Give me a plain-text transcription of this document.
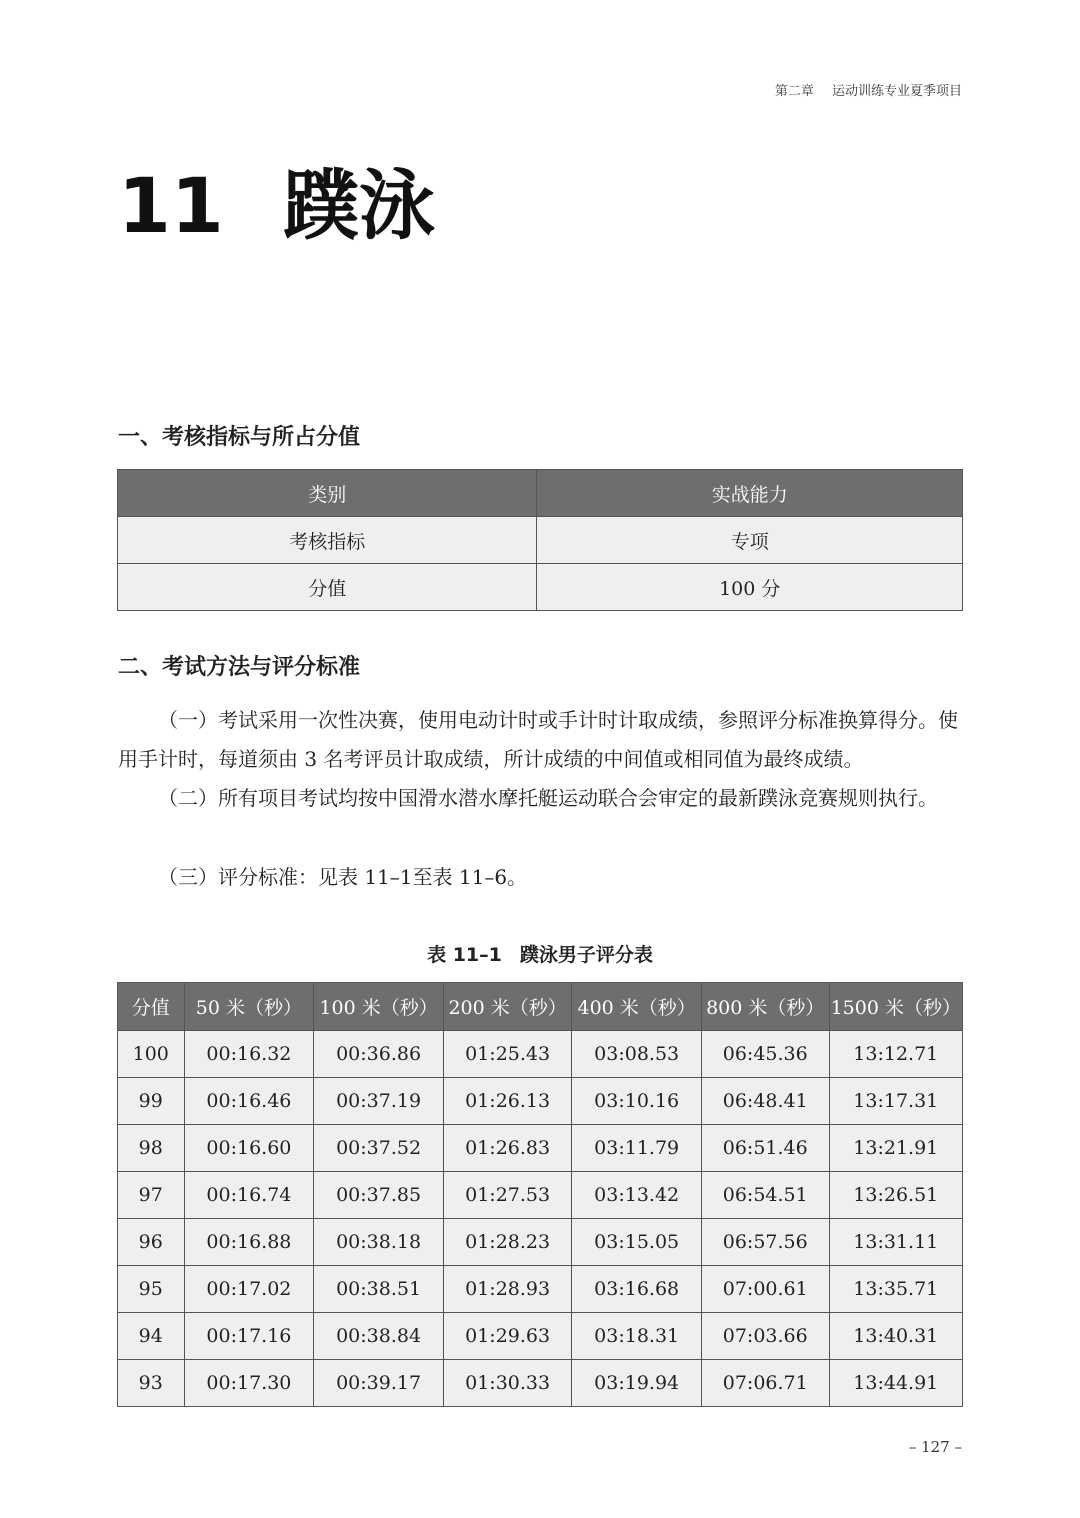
第二章 运动训练专业夏季项目
11 蹼泳
一、考核指标与所占分值
类别	实战能力
考核指标	专项
分值	100 分
二、考试方法与评分标准
（一）考试采用一次性决赛，使用电动计时或手计时计取成绩，参照评分标准换算得分。使用手计时，每道须由 3 名考评员计取成绩，所计成绩的中间值或相同值为最终成绩。
（二）所有项目考试均按中国滑水潜水摩托艇运动联合会审定的最新蹼泳竞赛规则执行。
（三）评分标准：见表 11–1至表 11–6。
表 11–1 蹼泳男子评分表
分值	50 米（秒）	100 米（秒）	200 米（秒）	400 米（秒）	800 米（秒）	1500 米（秒）
100	00:16.32	00:36.86	01:25.43	03:08.53	06:45.36	13:12.71
99	00:16.46	00:37.19	01:26.13	03:10.16	06:48.41	13:17.31
98	00:16.60	00:37.52	01:26.83	03:11.79	06:51.46	13:21.91
97	00:16.74	00:37.85	01:27.53	03:13.42	06:54.51	13:26.51
96	00:16.88	00:38.18	01:28.23	03:15.05	06:57.56	13:31.11
95	00:17.02	00:38.51	01:28.93	03:16.68	07:00.61	13:35.71
94	00:17.16	00:38.84	01:29.63	03:18.31	07:03.66	13:40.31
93	00:17.30	00:39.17	01:30.33	03:19.94	07:06.71	13:44.91
– 127 –
